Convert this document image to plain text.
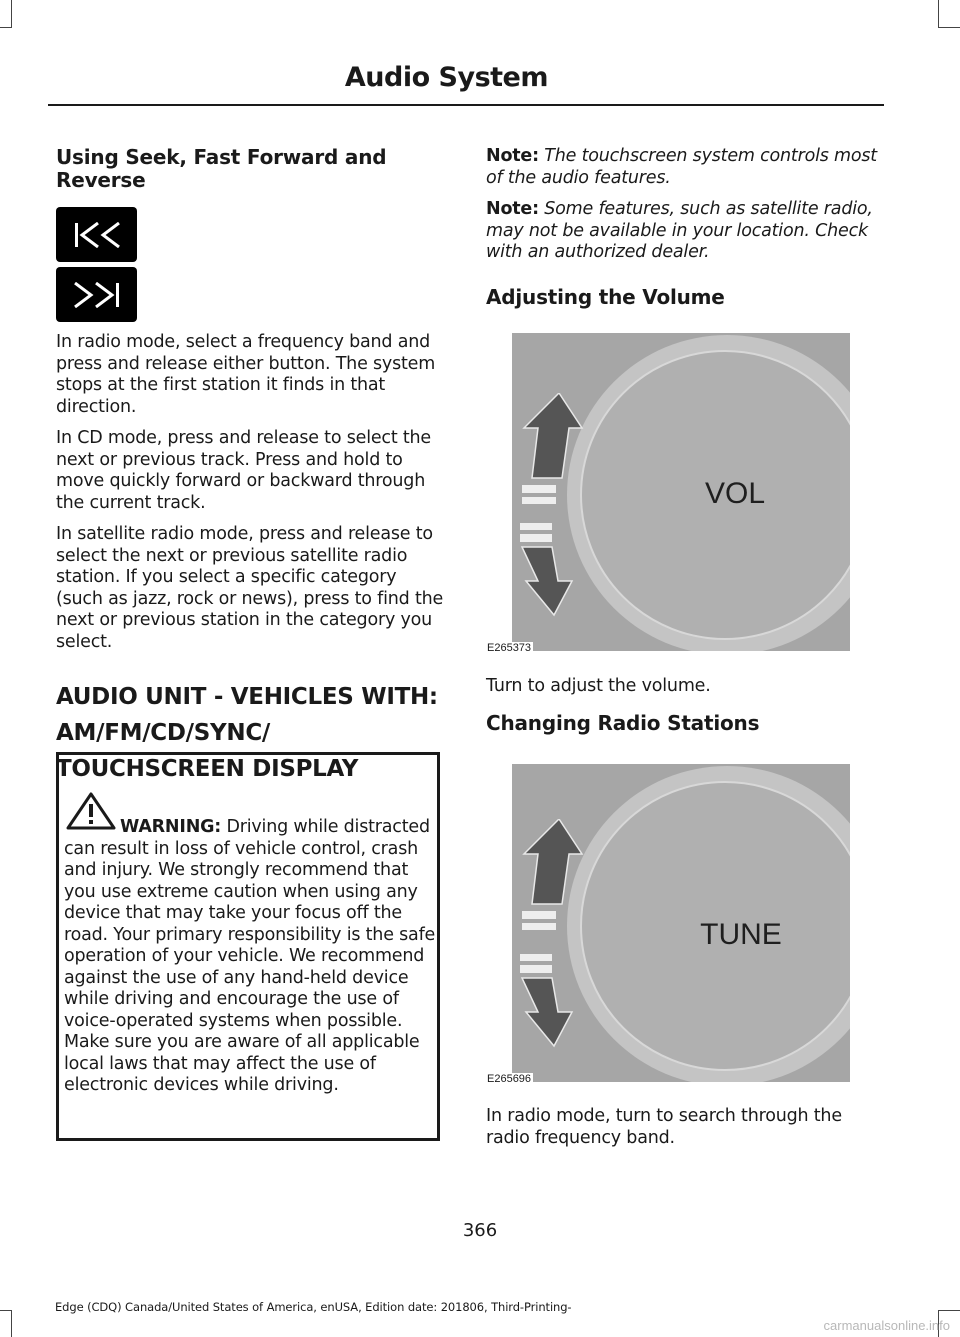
Audio System
Using Seek, Fast Forward and Reverse

In radio mode, select a frequency band and press and release either button. The system stops at the first station it finds in that direction.

In CD mode, press and release to select the next or previous track. Press and hold to move quickly forward or backward through the current track.

In satellite radio mode, press and release to select the next or previous satellite radio station. If you select a specific category (such as jazz, rock or news), press to find the next or previous station in the category you select.

AUDIO UNIT - VEHICLES WITH:
AM/FM/CD/SYNC/
TOUCHSCREEN DISPLAY

WARNING: Driving while distracted can result in loss of vehicle control, crash and injury. We strongly recommend that you use extreme caution when using any device that may take your focus off the road. Your primary responsibility is the safe operation of your vehicle. We recommend against the use of any hand-held device while driving and encourage the use of voice-operated systems when possible. Make sure you are aware of all applicable local laws that may affect the use of electronic devices while driving.

Note: The touchscreen system controls most of the audio features.

Note: Some features, such as satellite radio, may not be available in your location. Check with an authorized dealer.

Adjusting the Volume
VOL
E265373

Turn to adjust the volume.

Changing Radio Stations
TUNE
E265696

In radio mode, turn to search through the radio frequency band.

366
Edge (CDQ) Canada/United States of America, enUSA, Edition date: 201806, Third-Printing-
carmanualsonline.info
